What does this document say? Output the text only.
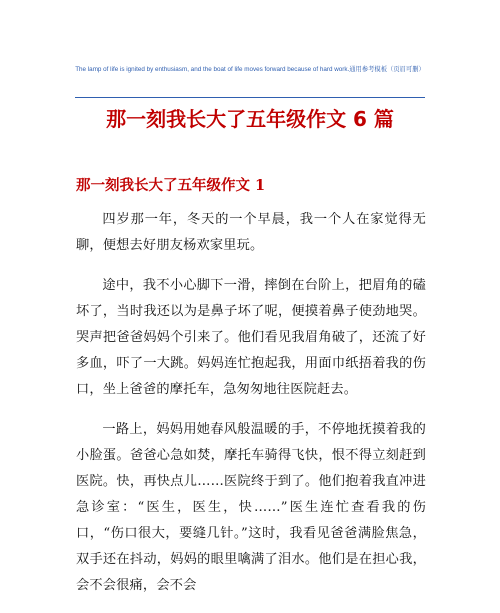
The lamp of life is ignited by enthusiasm, and the boat of life moves forward because of hard work.通用参考模板（页眉可删）
那一刻我长大了五年级作文 6 篇
那一刻我长大了五年级作文 1

四岁那一年，冬天的一个早晨，我一个人在家觉得无聊，便想去好朋友杨欢家里玩。

途中，我不小心脚下一滑，摔倒在台阶上，把眉角的磕坏了，当时我还以为是鼻子坏了呢，便摸着鼻子使劲地哭。哭声把爸爸妈妈个引来了。他们看见我眉角破了，还流了好多血，吓了一大跳。妈妈连忙抱起我，用面巾纸捂着我的伤口，坐上爸爸的摩托车，急匆匆地往医院赶去。

一路上，妈妈用她春风般温暖的手，不停地抚摸着我的小脸蛋。爸爸心急如焚，摩托车骑得飞快，恨不得立刻赶到医院。快，再快点儿……医院终于到了。他们抱着我直冲进急诊室：“医生，医生，快……”医生连忙查看我的伤口，“伤口很大，要缝几针。”这时，我看见爸爸满脸焦急，双手还在抖动，妈妈的眼里噙满了泪水。他们是在担心我，会不会很痛，会不会
